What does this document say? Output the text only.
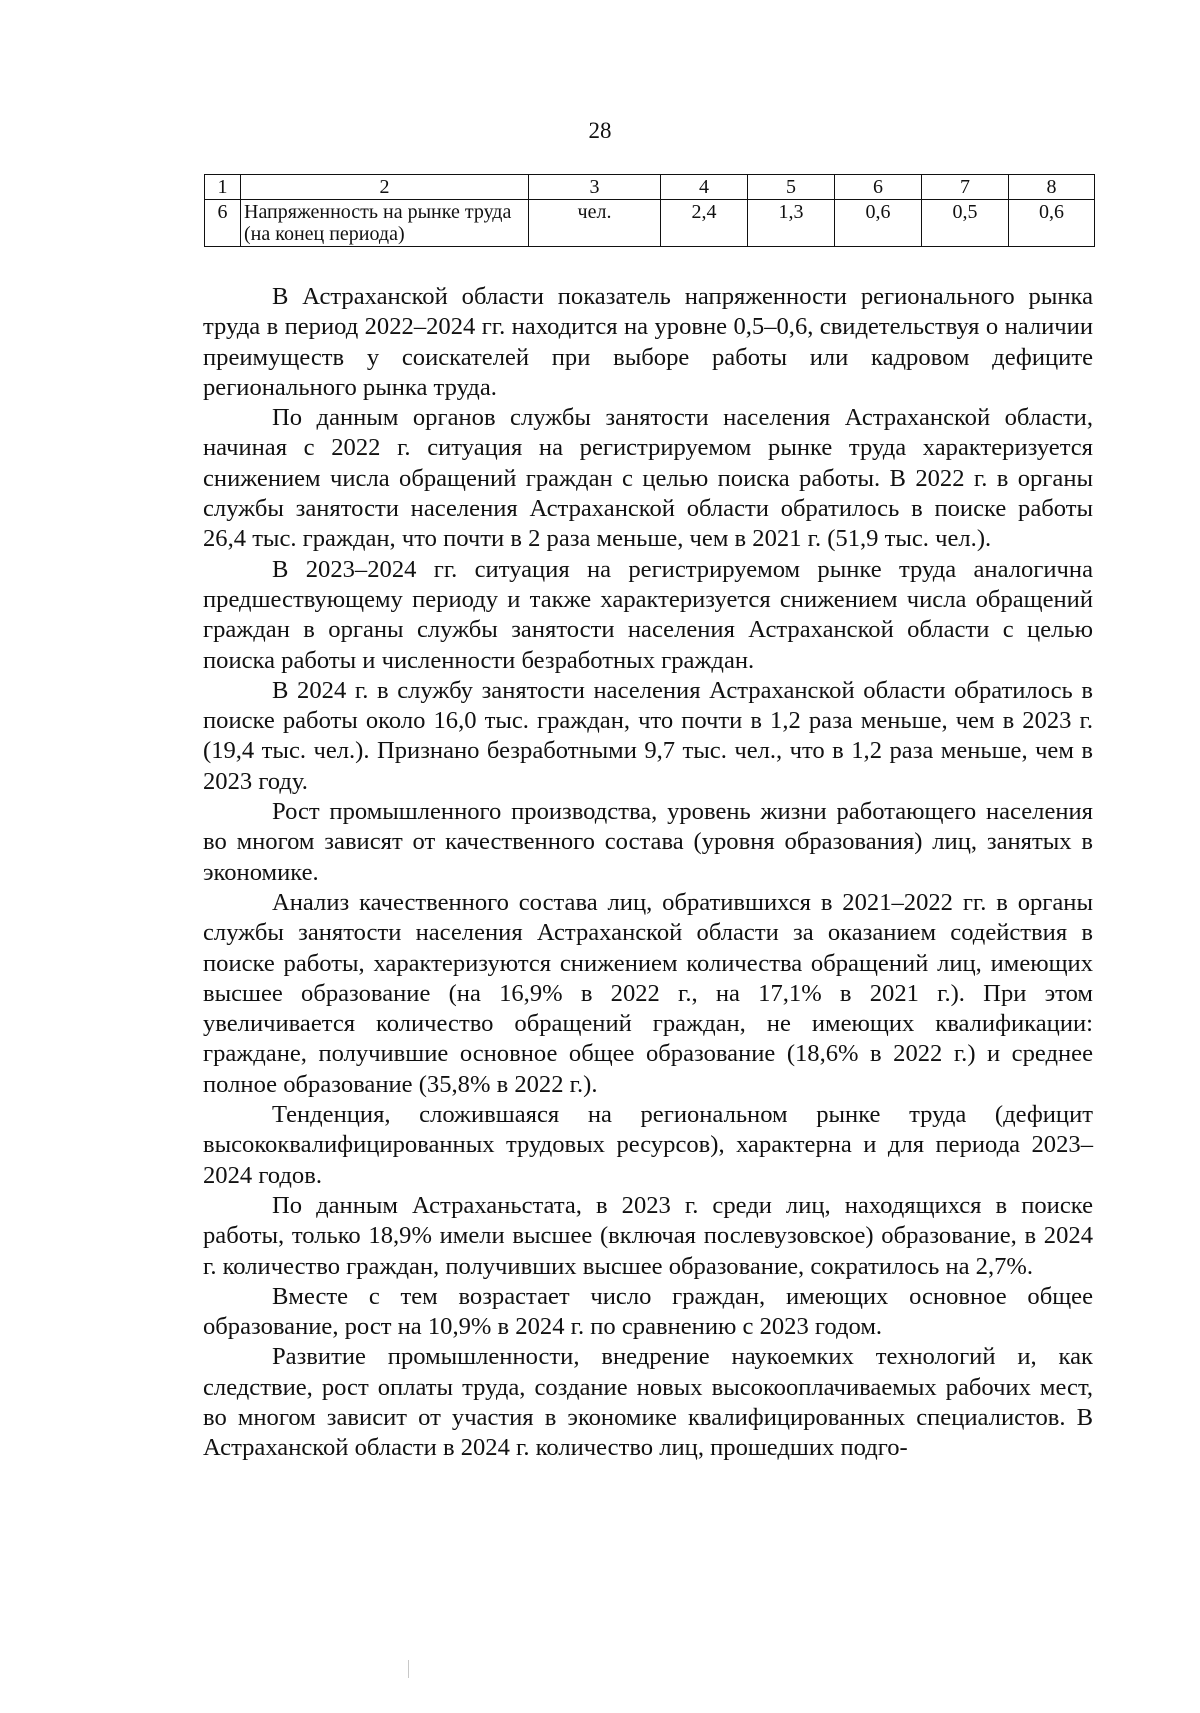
28
1	2	3	4	5	6	7	8
6	Напряженность на рынке труда (на конец периода)	чел.	2,4	1,3	0,6	0,5	0,6

В Астраханской области показатель напряженности регионального рынка труда в период 2022–2024 гг. находится на уровне 0,5–0,6, свидетельствуя о наличии преимуществ у соискателей при выборе работы или кадровом дефиците регионального рынка труда.

По данным органов службы занятости населения Астраханской области, начиная с 2022 г. ситуация на регистрируемом рынке труда характеризуется снижением числа обращений граждан с целью поиска работы. В 2022 г. в органы службы занятости населения Астраханской области обратилось в поиске работы 26,4 тыс. граждан, что почти в 2 раза меньше, чем в 2021 г. (51,9 тыс. чел.).

В 2023–2024 гг. ситуация на регистрируемом рынке труда аналогична предшествующему периоду и также характеризуется снижением числа обращений граждан в органы службы занятости населения Астраханской области с целью поиска работы и численности безработных граждан.

В 2024 г. в службу занятости населения Астраханской области обратилось в поиске работы около 16,0 тыс. граждан, что почти в 1,2 раза меньше, чем в 2023 г. (19,4 тыс. чел.). Признано безработными 9,7 тыс. чел., что в 1,2 раза меньше, чем в 2023 году.

Рост промышленного производства, уровень жизни работающего населения во многом зависят от качественного состава (уровня образования) лиц, занятых в экономике.

Анализ качественного состава лиц, обратившихся в 2021–2022 гг. в органы службы занятости населения Астраханской области за оказанием содействия в поиске работы, характеризуются снижением количества обращений лиц, имеющих высшее образование (на 16,9% в 2022 г., на 17,1% в 2021 г.). При этом увеличивается количество обращений граждан, не имеющих квалификации: граждане, получившие основное общее образование (18,6% в 2022 г.) и среднее полное образование (35,8% в 2022 г.).

Тенденция, сложившаяся на региональном рынке труда (дефицит высококвалифицированных трудовых ресурсов), характерна и для периода 2023–2024 годов.

По данным Астраханьстата, в 2023 г. среди лиц, находящихся в поиске работы, только 18,9% имели высшее (включая послевузовское) образование, в 2024 г. количество граждан, получивших высшее образование, сократилось на 2,7%.

Вместе с тем возрастает число граждан, имеющих основное общее образование, рост на 10,9% в 2024 г. по сравнению с 2023 годом.

Развитие промышленности, внедрение наукоемких технологий и, как следствие, рост оплаты труда, создание новых высокооплачиваемых рабочих мест, во многом зависит от участия в экономике квалифицированных специалистов. В Астраханской области в 2024 г. количество лиц, прошедших подго-
